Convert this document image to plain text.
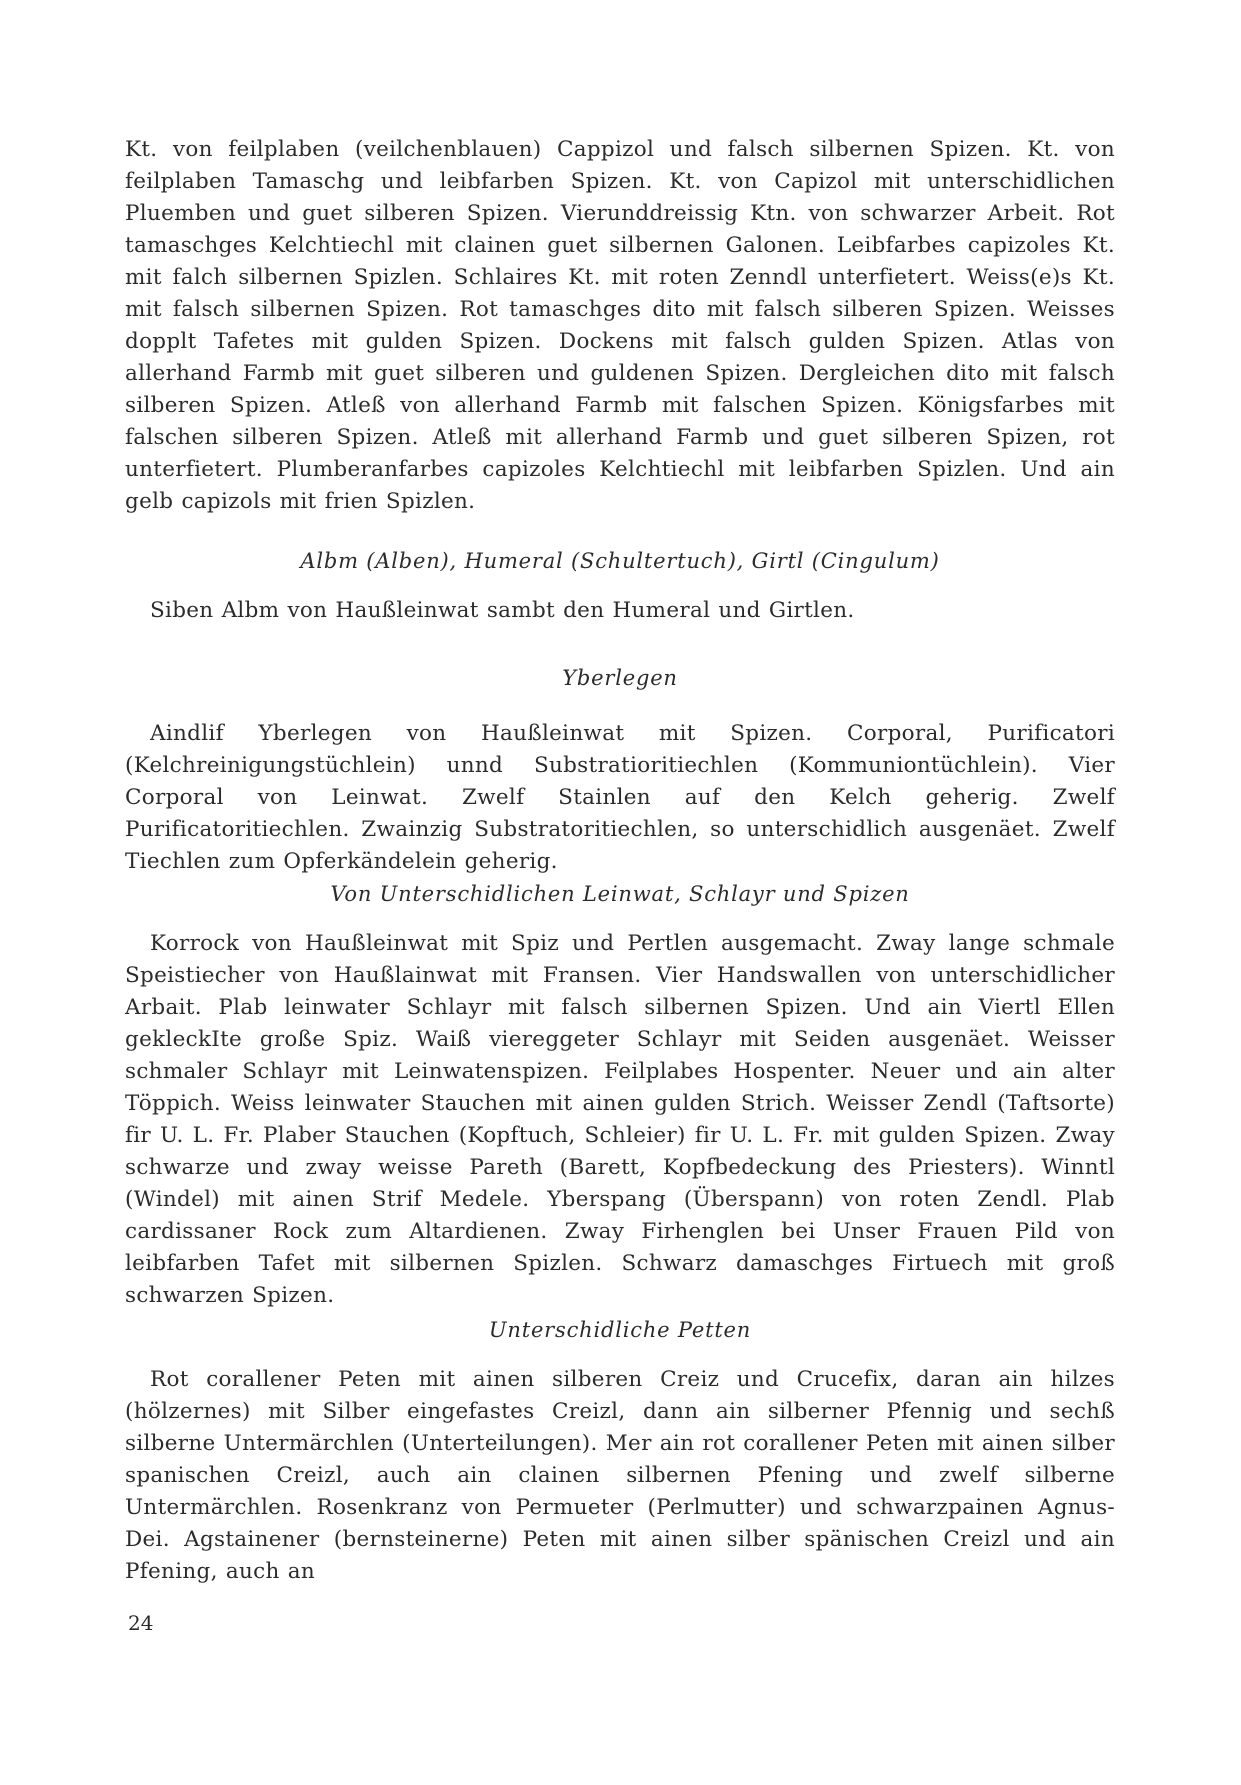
Kt. von feilplaben (veilchenblauen) Cappizol und falsch silbernen Spizen. Kt. von feilplaben Tamaschg und leibfarben Spizen. Kt. von Capizol mit unterschidlichen Pluemben und guet silberen Spizen. Vierunddreissig Ktn. von schwarzer Arbeit. Rot tamaschges Kelchtiechl mit clainen guet silbernen Galonen. Leibfarbes capizoles Kt. mit falch silbernen Spizlen. Schlaires Kt. mit roten Zenndl unterfietert. Weiss(e)s Kt. mit falsch silbernen Spizen. Rot tamaschges dito mit falsch silberen Spizen. Weisses dopplt Tafetes mit gulden Spizen. Dockens mit falsch gulden Spizen. Atlas von allerhand Farmb mit guet silberen und guldenen Spizen. Dergleichen dito mit falsch silberen Spizen. Atleß von allerhand Farmb mit falschen Spizen. Königsfarbes mit falschen silberen Spizen. Atleß mit allerhand Farmb und guet silberen Spizen, rot unterfietert. Plumberanfarbes capizoles Kelchtiechl mit leibfarben Spizlen. Und ain gelb capizols mit frien Spizlen.

Albm (Alben), Humeral (Schultertuch), Girtl (Cingulum)

Siben Albm von Haußleinwat sambt den Humeral und Girtlen.

Yberlegen

Aindlif Yberlegen von Haußleinwat mit Spizen. Corporal, Purificatori (Kelchreinigungstüchlein) unnd Substratioritiechlen (Kommuniontüchlein). Vier Corporal von Leinwat. Zwelf Stainlen auf den Kelch geherig. Zwelf Purificatoritiechlen. Zwainzig Substratoritiechlen, so unterschidlich ausgenäet. Zwelf Tiechlen zum Opferkändelein geherig.

Von Unterschidlichen Leinwat, Schlayr und Spizen

Korrock von Haußleinwat mit Spiz und Pertlen ausgemacht. Zway lange schmale Speistiecher von Haußlainwat mit Fransen. Vier Handswallen von unterschidlicher Arbait. Plab leinwater Schlayr mit falsch silbernen Spizen. Und ain Viertl Ellen gekleckIte große Spiz. Waiß viereggeter Schlayr mit Seiden ausgenäet. Weisser schmaler Schlayr mit Leinwatenspizen. Feilplabes Hospenter. Neuer und ain alter Töppich. Weiss leinwater Stauchen mit ainen gulden Strich. Weisser Zendl (Taftsorte) fir U. L. Fr. Plaber Stauchen (Kopftuch, Schleier) fir U. L. Fr. mit gulden Spizen. Zway schwarze und zway weisse Pareth (Barett, Kopfbedeckung des Priesters). Winntl (Windel) mit ainen Strif Medele. Yberspang (Überspann) von roten Zendl. Plab cardissaner Rock zum Altardienen. Zway Firhenglen bei Unser Frauen Pild von leibfarben Tafet mit silbernen Spizlen. Schwarz damaschges Firtuech mit groß schwarzen Spizen.

Unterschidliche Petten

Rot corallener Peten mit ainen silberen Creiz und Crucefix, daran ain hilzes (hölzernes) mit Silber eingefastes Creizl, dann ain silberner Pfennig und sechß silberne Untermärchlen (Unterteilungen). Mer ain rot corallener Peten mit ainen silber spanischen Creizl, auch ain clainen silbernen Pfening und zwelf silberne Untermärchlen. Rosenkranz von Permueter (Perlmutter) und schwarzpainen Agnus-Dei. Agstainener (bernsteinerne) Peten mit ainen silber spänischen Creizl und ain Pfening, auch an

24
